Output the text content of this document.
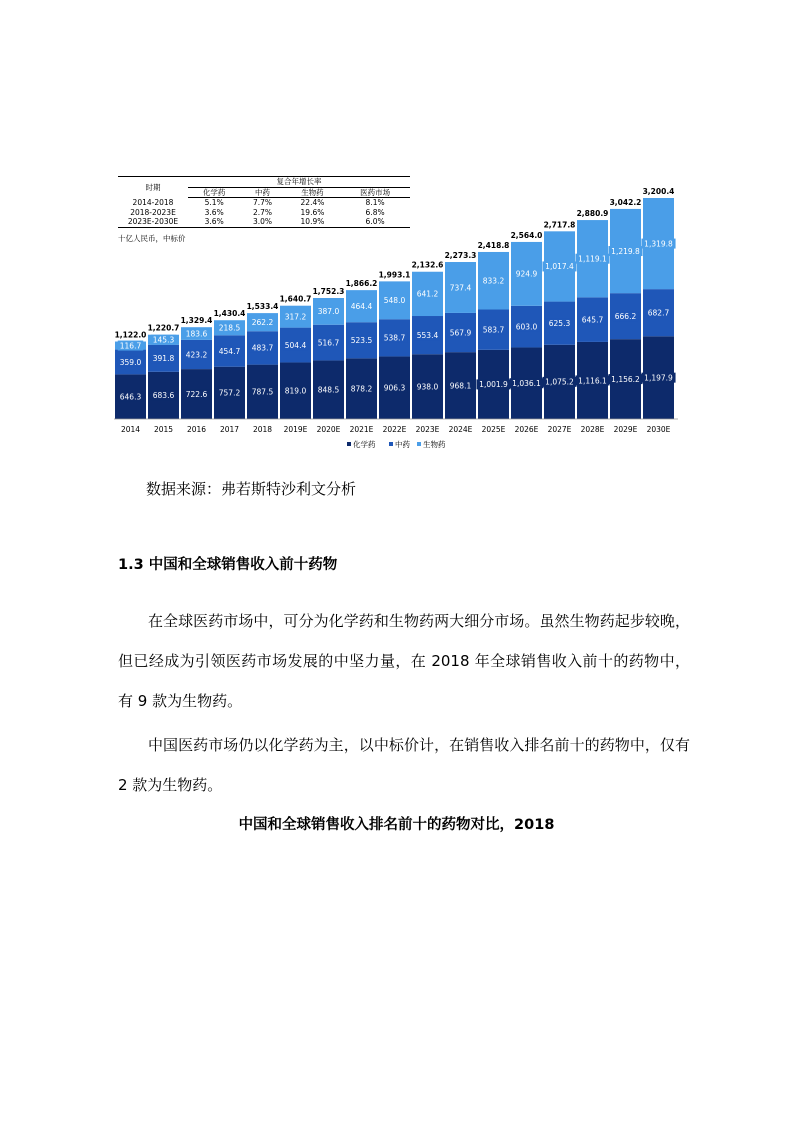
646.3
359.0
116.7
1,122.0
2014
683.6
391.8
145.3
1,220.7
2015
722.6
423.2
183.6
1,329.4
2016
757.2
454.7
218.5
1,430.4
2017
787.5
483.7
262.2
1,533.4
2018
819.0
504.4
317.2
1,640.7
2019E
848.5
516.7
387.0
1,752.3
2020E
878.2
523.5
464.4
1,866.2
2021E
906.3
538.7
548.0
1,993.1
2022E
938.0
553.4
641.2
2,132.6
2023E
968.1
567.9
737.4
2,273.3
2024E
1,001.9
583.7
833.2
2,418.8
2025E
1,036.1
603.0
924.9
2,564.0
2026E
1,075.2
625.3
1,017.4
2,717.8
2027E
1,116.1
645.7
1,119.1
2,880.9
2028E
1,156.2
666.2
1,219.8
3,042.2
2029E
1,197.9
682.7
1,319.8
3,200.4
2030E
化学药	中药 生物药
时期	复合年增长率			
	化学药	中药	生物药	医药市场
2014-2018	5.1%	7.7%	22.4%	8.1%
2018-2023E	3.6%	2.7%	19.6%	6.8%
2023E-2030E	3.6%	3.0%	10.9%	6.0%
十亿人民币，中标价
数据来源：弗若斯特沙利文分析
1.3 中国和全球销售收入前十药物

在全球医药市场中，可分为化学药和生物药两大细分市场。虽然生物药起步较晚，但已经成为引领医药市场发展的中坚力量，在 2018 年全球销售收入前十的药物中，有 9 款为生物药。

中国医药市场仍以化学药为主，以中标价计，在销售收入排名前十的药物中，仅有 2 款为生物药。

中国和全球销售收入排名前十的药物对比，2018
